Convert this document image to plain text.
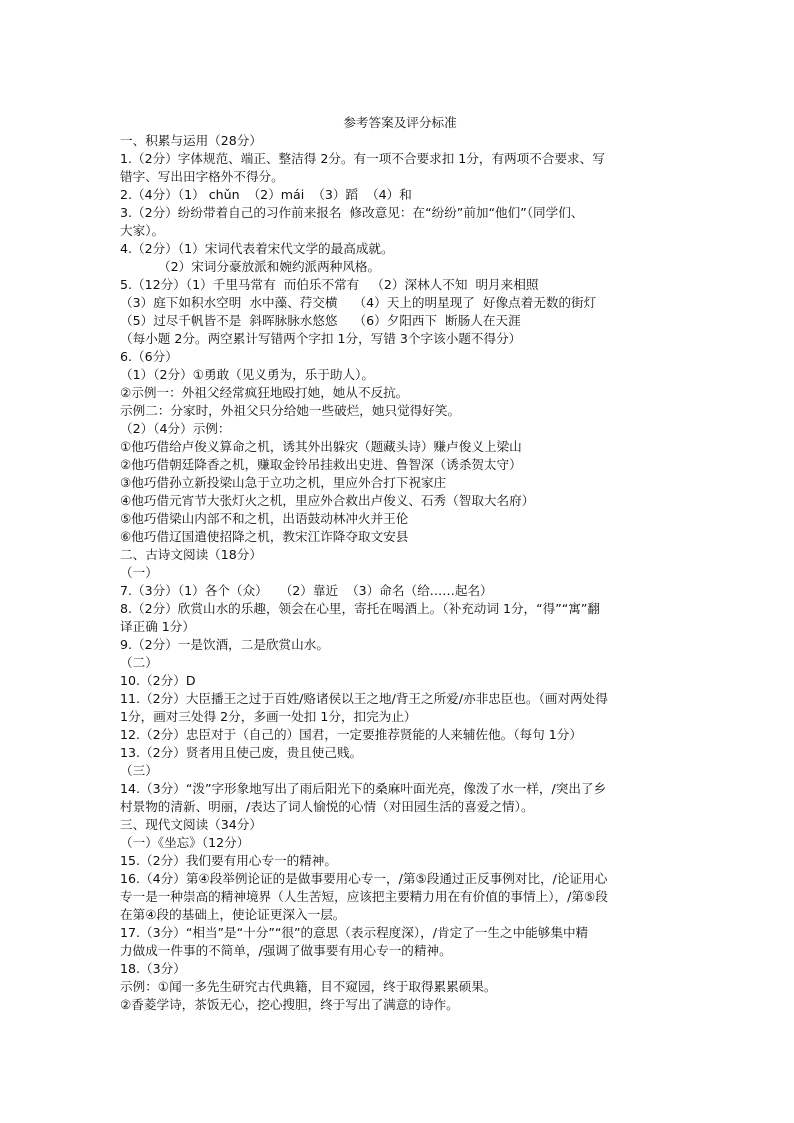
参考答案及评分标准
一、积累与运用（28分）
1.（2分）字体规范、端正、整洁得 2分。有一项不合要求扣 1分，有两项不合要求、写
错字、写出田字格外不得分。
2.（4分）（1） chǔn  （2）mái  （3）蹈  （4）和
3.（2分）纷纷带着自己的习作前来报名  修改意见：在“纷纷”前加“他们”（同学们、
大家）。
4.（2分）（1）宋词代表着宋代文学的最高成就。
（2）宋词分豪放派和婉约派两种风格。
5.（12分）（1）千里马常有  而伯乐不常有   （2）深林人不知  明月来相照
（3）庭下如积水空明  水中藻、荇交横    （4）天上的明星现了  好像点着无数的街灯
（5）过尽千帆皆不是  斜晖脉脉水悠悠    （6）夕阳西下  断肠人在天涯
（每小题 2分。两空累计写错两个字扣 1分，写错 3个字该小题不得分）
6.（6分）
（1）（2分）①勇敢（见义勇为，乐于助人）。
②示例一：外祖父经常疯狂地殴打她，她从不反抗。
示例二：分家时，外祖父只分给她一些破烂，她只觉得好笑。
（2）（4分）示例：
①他巧借给卢俊义算命之机，诱其外出躲灾（题藏头诗）赚卢俊义上梁山
②他巧借朝廷降香之机，赚取金铃吊挂救出史进、鲁智深（诱杀贺太守）
③他巧借孙立新投梁山急于立功之机，里应外合打下祝家庄
④他巧借元宵节大张灯火之机，里应外合救出卢俊义、石秀（智取大名府）
⑤他巧借梁山内部不和之机，出语鼓动林冲火并王伦
⑥他巧借辽国遣使招降之机，教宋江诈降夺取文安县
二、古诗文阅读（18分）
（一）
7.（3分）（1）各个（众）   （2）靠近  （3）命名（给……起名）
8.（2分）欣赏山水的乐趣，领会在心里，寄托在喝酒上。（补充动词 1分，“得”“寓”翻
译正确 1分）
9.（2分）一是饮酒，二是欣赏山水。
（二）
10.（2分）D
11.（2分）大臣播王之过于百姓/赂诸侯以王之地/背王之所爱/亦非忠臣也。（画对两处得
1分，画对三处得 2分，多画一处扣 1分，扣完为止）
12.（2分）忠臣对于（自己的）国君，一定要推荐贤能的人来辅佐他。（每句 1分）
13.（2分）贤者用且使己废，贵且使己贱。
（三）
14.（3分）“泼”字形象地写出了雨后阳光下的桑麻叶面光亮，像泼了水一样，/突出了乡
村景物的清新、明丽，/表达了词人愉悦的心情（对田园生活的喜爱之情）。
三、现代文阅读（34分）
（一）《坐忘》（12分）
15.（2分）我们要有用心专一的精神。
16.（4分）第④段举例论证的是做事要用心专一，/第⑤段通过正反事例对比，/论证用心
专一是一种崇高的精神境界（人生苦短，应该把主要精力用在有价值的事情上），/第⑤段
在第④段的基础上，使论证更深入一层。
17.（3分）“相当”是“十分”“很”的意思（表示程度深），/肯定了一生之中能够集中精
力做成一件事的不简单，/强调了做事要有用心专一的精神。
18.（3分）
示例：①闻一多先生研究古代典籍，目不窥园，终于取得累累硕果。
②香菱学诗，茶饭无心，挖心搜胆，终于写出了满意的诗作。
